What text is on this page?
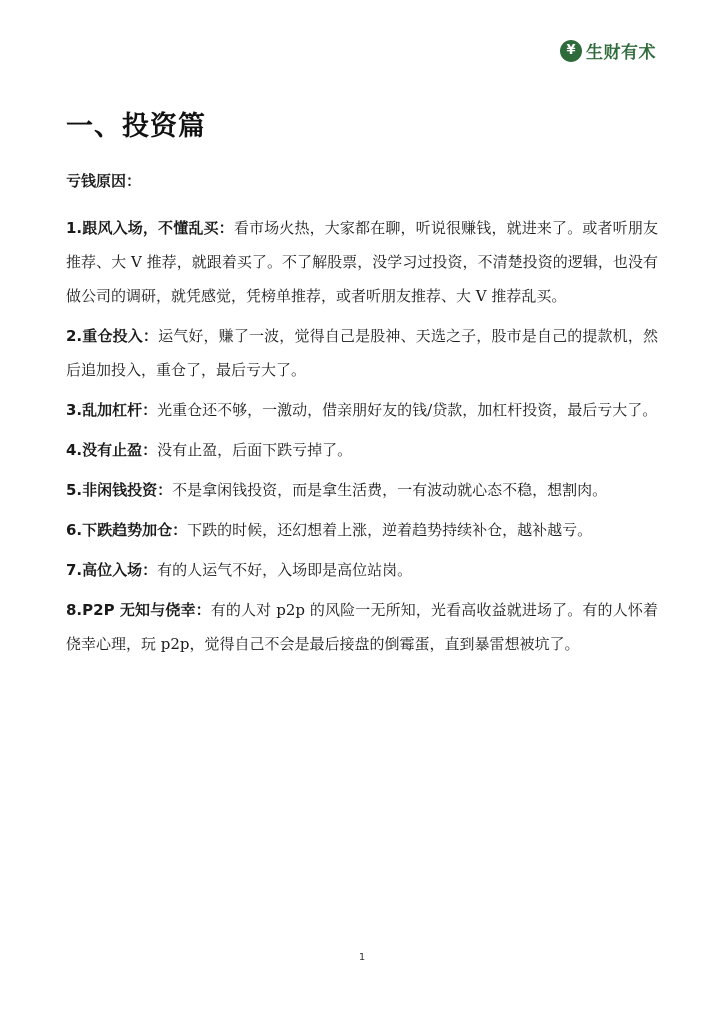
¥ 生财有术
一、投资篇

亏钱原因：

1.跟风入场，不懂乱买：看市场火热，大家都在聊，听说很赚钱，就进来了。或者听朋友推荐、大 V 推荐，就跟着买了。不了解股票，没学习过投资，不清楚投资的逻辑，也没有做公司的调研，就凭感觉，凭榜单推荐，或者听朋友推荐、大 V 推荐乱买。

2.重仓投入：运气好，赚了一波，觉得自己是股神、天选之子，股市是自己的提款机，然后追加投入，重仓了，最后亏大了。

3.乱加杠杆：光重仓还不够，一激动，借亲朋好友的钱/贷款，加杠杆投资，最后亏大了。

4.没有止盈：没有止盈，后面下跌亏掉了。

5.非闲钱投资：不是拿闲钱投资，而是拿生活费，一有波动就心态不稳，想割肉。

6.下跌趋势加仓：下跌的时候，还幻想着上涨，逆着趋势持续补仓，越补越亏。

7.高位入场：有的人运气不好，入场即是高位站岗。

8.P2P 无知与侥幸：有的人对 p2p 的风险一无所知，光看高收益就进场了。有的人怀着侥幸心理，玩 p2p，觉得自己不会是最后接盘的倒霉蛋，直到暴雷想被坑了。

1
